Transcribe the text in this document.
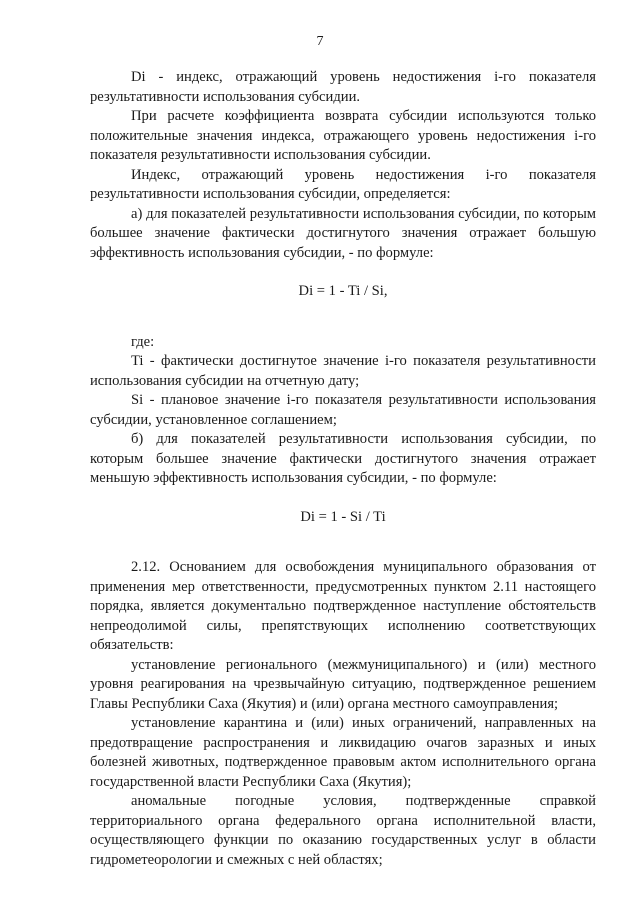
7

Di - индекс, отражающий уровень недостижения i-го показателя результативности использования субсидии.

При расчете коэффициента возврата субсидии используются только положительные значения индекса, отражающего уровень недостижения i-го показателя результативности использования субсидии.

Индекс, отражающий уровень недостижения i-го показателя результативности использования субсидии, определяется:

а) для показателей результативности использования субсидии, по которым большее значение фактически достигнутого значения отражает большую эффективность использования субсидии, - по формуле:

Di = 1 - Ti / Si,

где:

Ti - фактически достигнутое значение i-го показателя результативности использования субсидии на отчетную дату;

Si - плановое значение i-го показателя результативности использования субсидии, установленное соглашением;

б) для показателей результативности использования субсидии, по которым большее значение фактически достигнутого значения отражает меньшую эффективность использования субсидии, - по формуле:

Di = 1 - Si / Ti

2.12. Основанием для освобождения муниципального образования от применения мер ответственности, предусмотренных пунктом 2.11 настоящего порядка, является документально подтвержденное наступление обстоятельств непреодолимой силы, препятствующих исполнению соответствующих обязательств:

установление регионального (межмуниципального) и (или) местного уровня реагирования на чрезвычайную ситуацию, подтвержденное решением Главы Республики Саха (Якутия) и (или) органа местного самоуправления;

установление карантина и (или) иных ограничений, направленных на предотвращение распространения и ликвидацию очагов заразных и иных болезней животных, подтвержденное правовым актом исполнительного органа государственной власти Республики Саха (Якутия);

аномальные погодные условия, подтвержденные справкой территориального органа федерального органа исполнительной власти, осуществляющего функции по оказанию государственных услуг в области гидрометеорологии и смежных с ней областях;
